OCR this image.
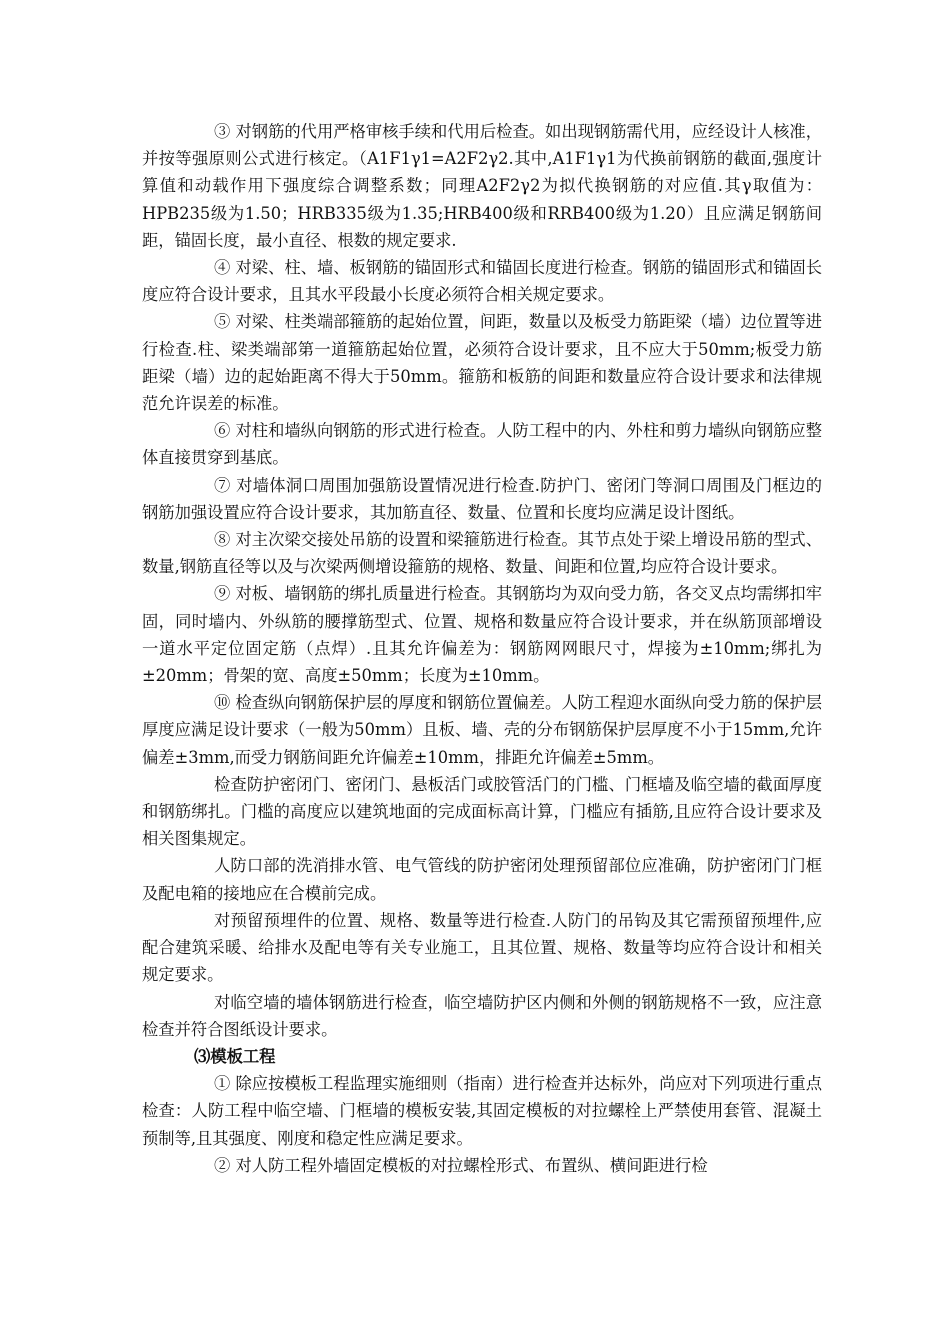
③ 对钢筋的代用严格审核手续和代用后检查。如出现钢筋需代用，应经设计人核准，并按等强原则公式进行核定。（A1F1γ1=A2F2γ2.其中,A1F1γ1为代换前钢筋的截面,强度计算值和动载作用下强度综合调整系数；同理A2F2γ2为拟代换钢筋的对应值.其γ取值为：HPB235级为1.50；HRB335级为1.35;HRB400级和RRB400级为1.20）且应满足钢筋间距，锚固长度，最小直径、根数的规定要求.

④ 对梁、柱、墙、板钢筋的锚固形式和锚固长度进行检查。钢筋的锚固形式和锚固长度应符合设计要求，且其水平段最小长度必须符合相关规定要求。

⑤ 对梁、柱类端部箍筋的起始位置，间距，数量以及板受力筋距梁（墙）边位置等进行检查.柱、梁类端部第一道箍筋起始位置，必须符合设计要求，且不应大于50mm;板受力筋距梁（墙）边的起始距离不得大于50mm。箍筋和板筋的间距和数量应符合设计要求和法律规范允许误差的标准。

⑥ 对柱和墙纵向钢筋的形式进行检查。人防工程中的内、外柱和剪力墙纵向钢筋应整体直接贯穿到基底。

⑦ 对墙体洞口周围加强筋设置情况进行检查.防护门、密闭门等洞口周围及门框边的钢筋加强设置应符合设计要求，其加筋直径、数量、位置和长度均应满足设计图纸。

⑧ 对主次梁交接处吊筋的设置和梁箍筋进行检查。其节点处于梁上增设吊筋的型式、数量,钢筋直径等以及与次梁两侧增设箍筋的规格、数量、间距和位置,均应符合设计要求。

⑨ 对板、墙钢筋的绑扎质量进行检查。其钢筋均为双向受力筋，各交叉点均需绑扣牢固，同时墙内、外纵筋的腰撑筋型式、位置、规格和数量应符合设计要求，并在纵筋顶部增设一道水平定位固定筋（点焊）.且其允许偏差为：钢筋网网眼尺寸，焊接为±10mm;绑扎为±20mm；骨架的宽、高度±50mm；长度为±10mm。

⑩ 检查纵向钢筋保护层的厚度和钢筋位置偏差。人防工程迎水面纵向受力筋的保护层厚度应满足设计要求（一般为50mm）且板、墙、壳的分布钢筋保护层厚度不小于15mm,允许偏差±3mm,而受力钢筋间距允许偏差±10mm，排距允许偏差±5mm。

检查防护密闭门、密闭门、悬板活门或胶管活门的门槛、门框墙及临空墙的截面厚度和钢筋绑扎。门槛的高度应以建筑地面的完成面标高计算，门槛应有插筋,且应符合设计要求及相关图集规定。

人防口部的洗消排水管、电气管线的防护密闭处理预留部位应准确，防护密闭门门框及配电箱的接地应在合模前完成。

对预留预埋件的位置、规格、数量等进行检查.人防门的吊钩及其它需预留预埋件,应配合建筑采暖、给排水及配电等有关专业施工，且其位置、规格、数量等均应符合设计和相关规定要求。

对临空墙的墙体钢筋进行检查，临空墙防护区内侧和外侧的钢筋规格不一致，应注意检查并符合图纸设计要求。

⑶模板工程

① 除应按模板工程监理实施细则（指南）进行检查并达标外，尚应对下列项进行重点检查：人防工程中临空墙、门框墙的模板安装,其固定模板的对拉螺栓上严禁使用套管、混凝土预制等,且其强度、刚度和稳定性应满足要求。

② 对人防工程外墙固定模板的对拉螺栓形式、布置纵、横间距进行检
